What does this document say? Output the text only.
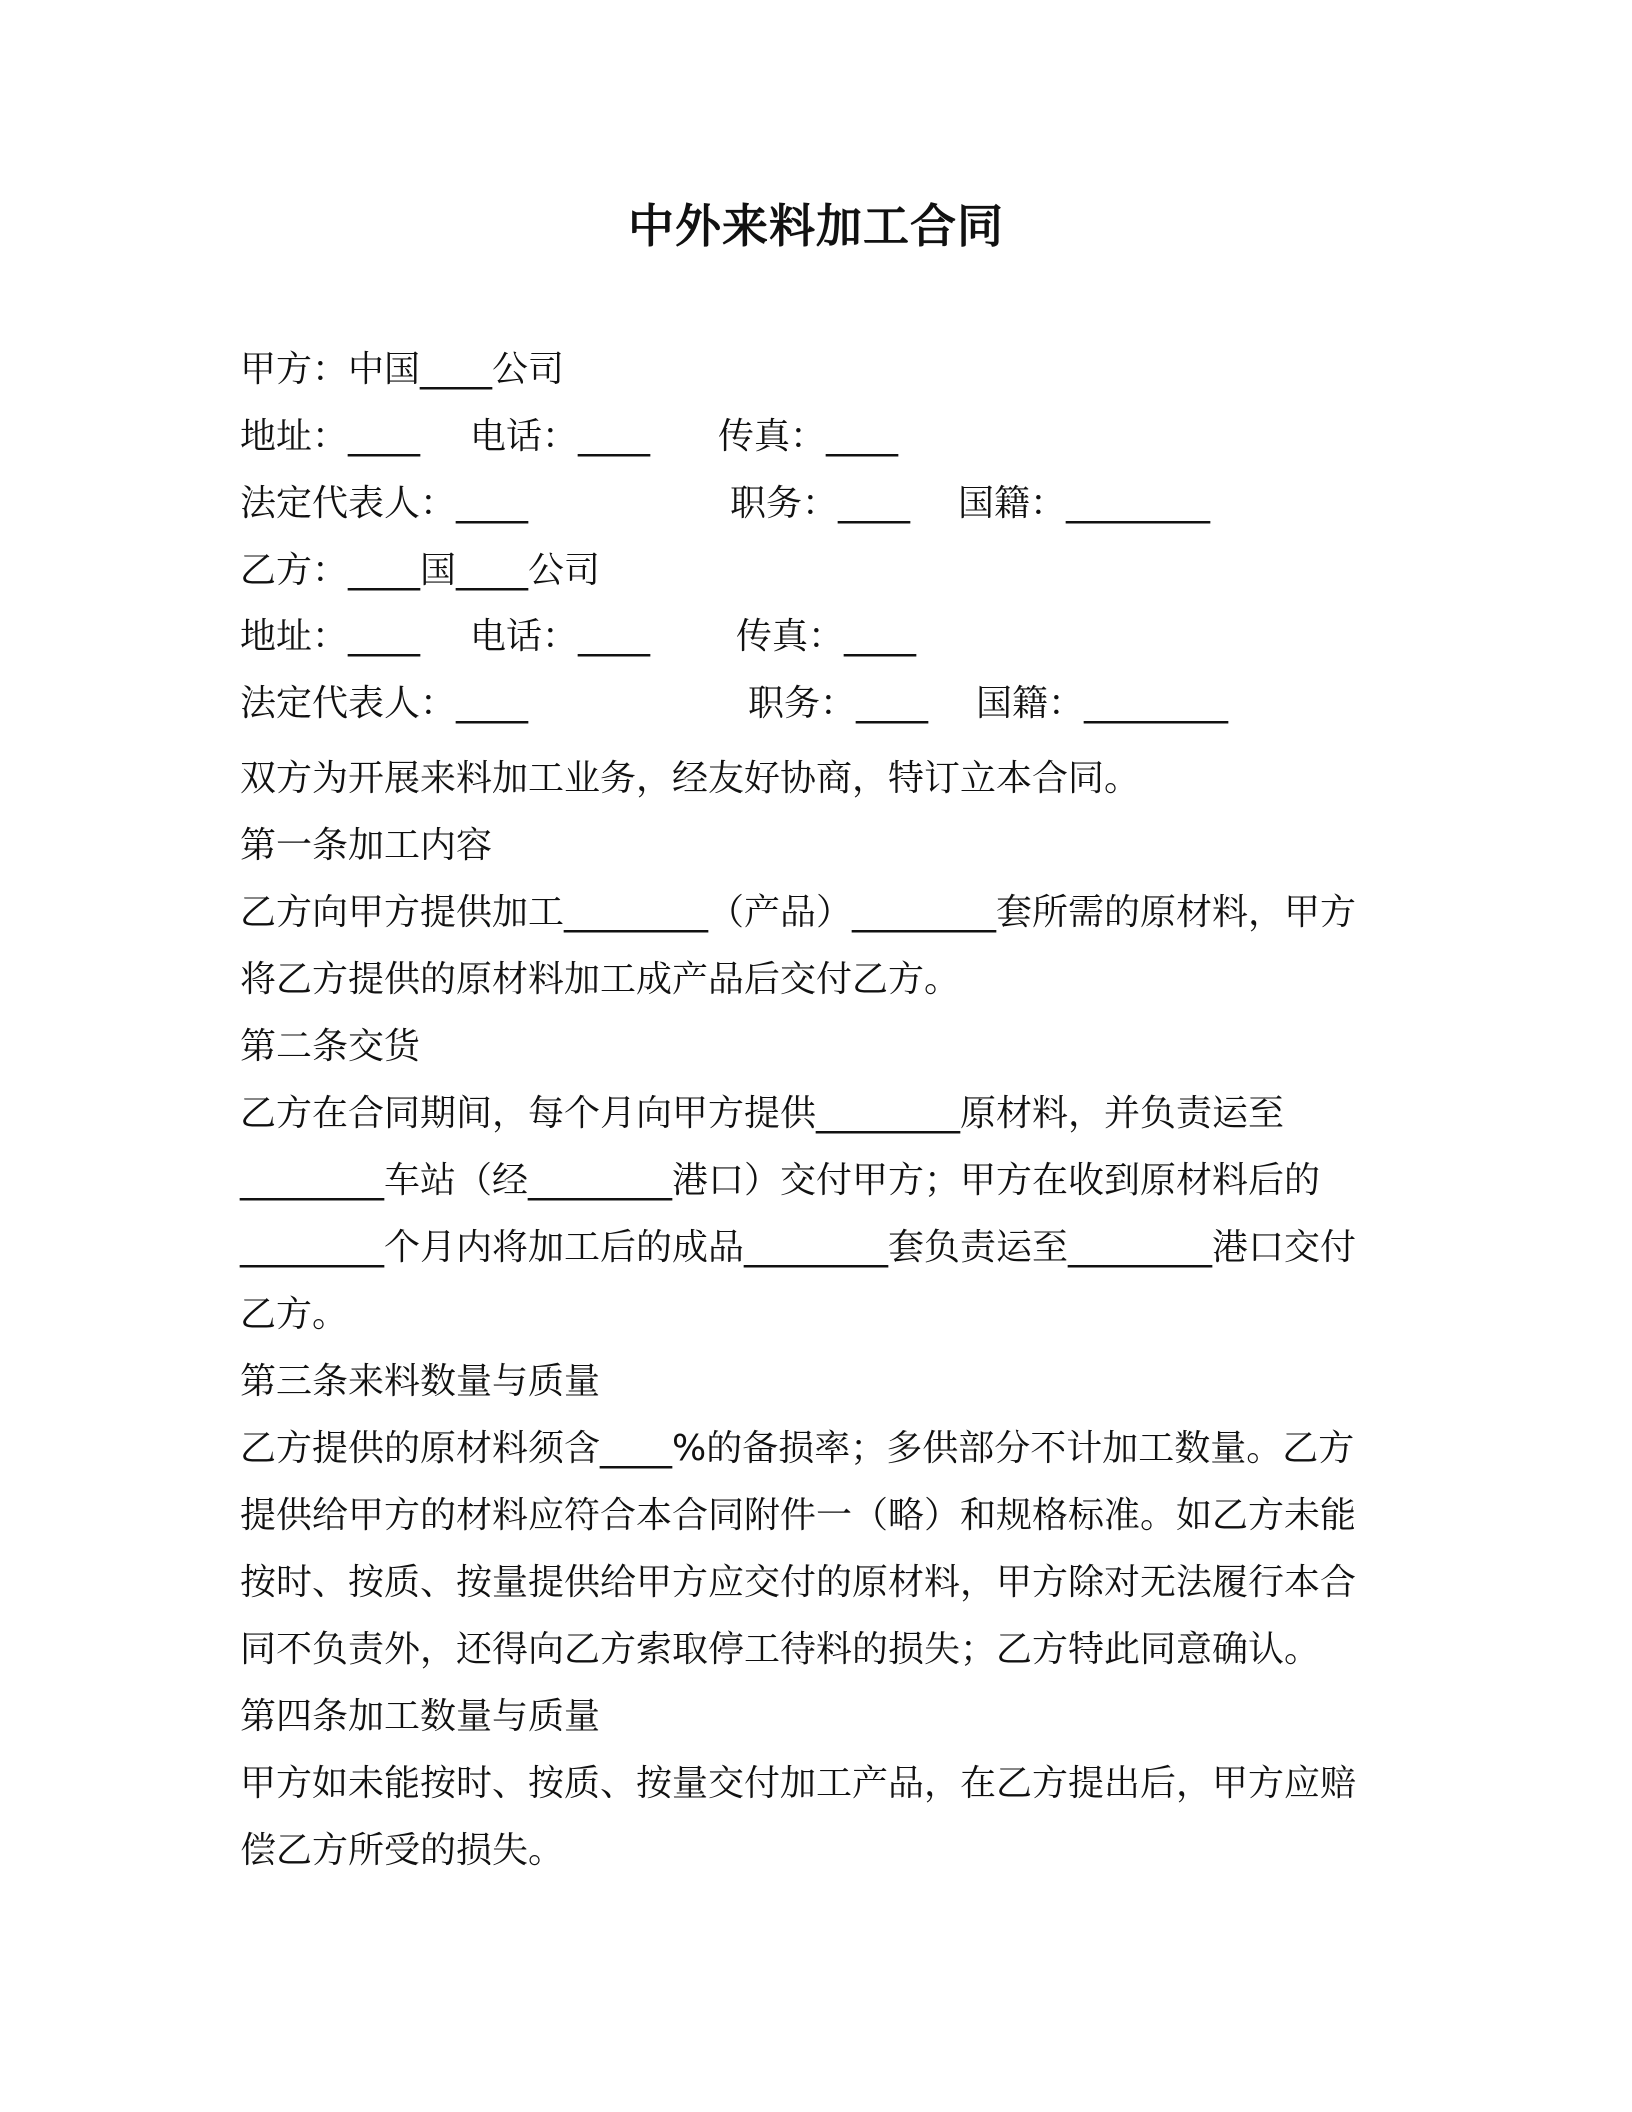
中外来料加工合同
甲方：中国____公司
地址：____ 电话：____ 传真：____
法定代表人：____	职务：____ 国籍：________
乙方：____国____公司
地址：____ 电话：____ 传真：____
法定代表人：____	职务：____ 国籍：________

双方为开展来料加工业务，经友好协商，特订立本合同。

第一条加工内容

乙方向甲方提供加工________（产品）________套所需的原材料，甲方将乙方提供的原材料加工成产品后交付乙方。

第二条交货

乙方在合同期间，每个月向甲方提供________原材料，并负责运至________车站（经________港口）交付甲方；甲方在收到原材料后的________个月内将加工后的成品________套负责运至________港口交付乙方。

第三条来料数量与质量

乙方提供的原材料须含____%的备损率；多供部分不计加工数量。乙方提供给甲方的材料应符合本合同附件一（略）和规格标准。如乙方未能按时、按质、按量提供给甲方应交付的原材料，甲方除对无法履行本合同不负责外，还得向乙方索取停工待料的损失；乙方特此同意确认。

第四条加工数量与质量

甲方如未能按时、按质、按量交付加工产品，在乙方提出后，甲方应赔偿乙方所受的损失。
